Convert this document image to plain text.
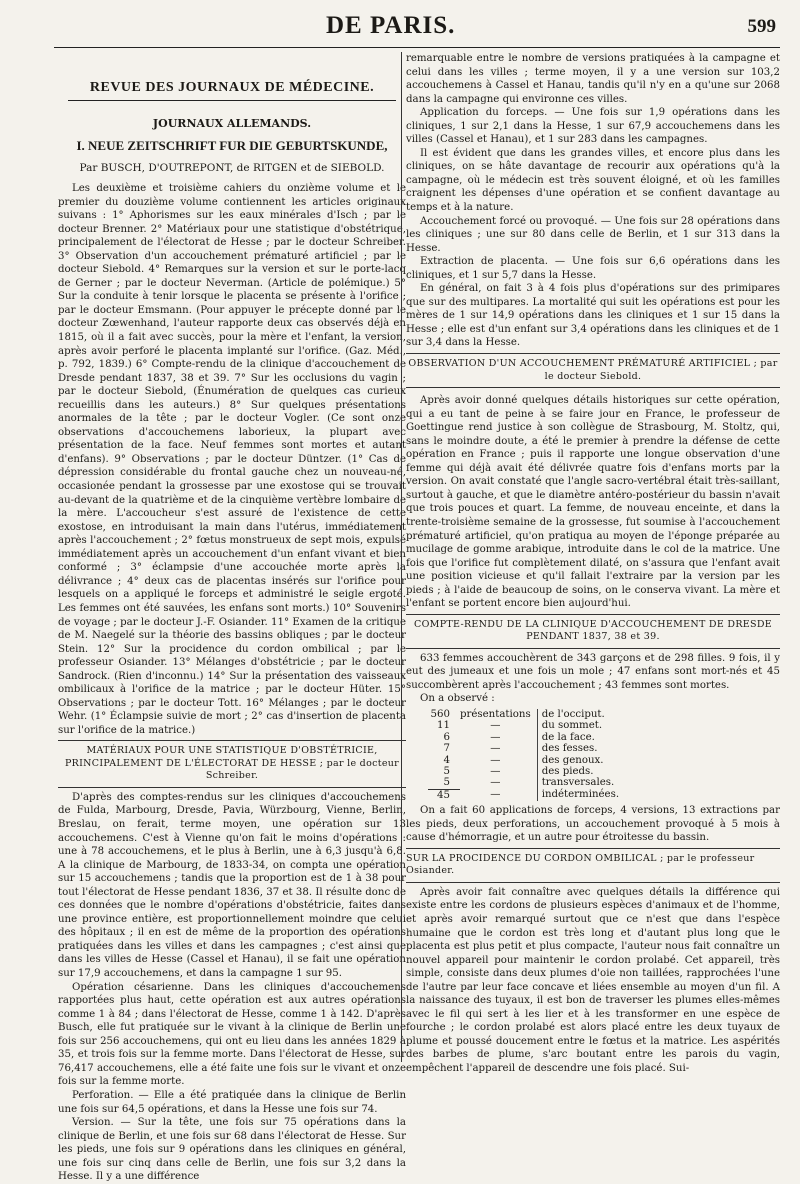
DE PARIS.	599
REVUE DES JOURNAUX DE MÉDECINE.
JOURNAUX ALLEMANDS.
I. NEUE ZEITSCHRIFT FUR DIE GEBURTSKUNDE,
Par BUSCH, D'OUTREPONT, de RITGEN et de SIEBOLD.

Les deuxième et troisième cahiers du onzième volume et le premier du douzième volume contiennent les articles originaux suivans : 1° Aphorismes sur les eaux minérales d'Isch ; par le docteur Brenner. 2° Matériaux pour une statistique d'obstétrique, principalement de l'électorat de Hesse ; par le docteur Schreiber. 3° Observation d'un accouchement prématuré artificiel ; par le docteur Siebold. 4° Remarques sur la version et sur le porte-lacq de Gerner ; par le docteur Neverman. (Article de polémique.) 5° Sur la conduite à tenir lorsque le placenta se présente à l'orifice ; par le docteur Emsmann. (Pour appuyer le précepte donné par le docteur Zœwenhand, l'auteur rapporte deux cas observés déjà en 1815, où il a fait avec succès, pour la mère et l'enfant, la version, après avoir perforé le placenta implanté sur l'orifice. (Gaz. Méd., p. 792, 1839.) 6° Compte-rendu de la clinique d'accouchement de Dresde pendant 1837, 38 et 39. 7° Sur les occlusions du vagin ; par le docteur Siebold, (Énumération de quelques cas curieux recueillis dans les auteurs.) 8° Sur quelques présentations anormales de la tête ; par le docteur Vogler. (Ce sont onze observations d'accouchemens laborieux, la plupart avec présentation de la face. Neuf femmes sont mortes et autant d'enfans). 9° Observations ; par le docteur Düntzer. (1° Cas de dépression considérable du frontal gauche chez un nouveau-né, occasionée pendant la grossesse par une exostose qui se trouvait au-devant de la quatrième et de la cinquième vertèbre lombaire de la mère. L'accoucheur s'est assuré de l'existence de cette exostose, en introduisant la main dans l'utérus, immédiatement après l'accouchement ; 2° fœtus monstrueux de sept mois, expulsé immédiatement après un accouchement d'un enfant vivant et bien conformé ; 3° éclampsie d'une accouchée morte après la délivrance ; 4° deux cas de placentas insérés sur l'orifice pour lesquels on a appliqué le forceps et administré le seigle ergoté. Les femmes ont été sauvées, les enfans sont morts.) 10° Souvenirs de voyage ; par le docteur J.-F. Osiander. 11° Examen de la critique de M. Naegelé sur la théorie des bassins obliques ; par le docteur Stein. 12° Sur la procidence du cordon ombilical ; par le professeur Osiander. 13° Mélanges d'obstétricie ; par le docteur Sandrock. (Rien d'inconnu.) 14° Sur la présentation des vaisseaux ombilicaux à l'orifice de la matrice ; par le docteur Hüter. 15° Observations ; par le docteur Tott. 16° Mélanges ; par le docteur Wehr. (1° Éclampsie suivie de mort ; 2° cas d'insertion de placenta sur l'orifice de la matrice.)

MATÉRIAUX POUR UNE STATISTIQUE D'OBSTÉTRICIE, PRINCIPALEMENT DE L'ÉLECTORAT DE HESSE ; par le docteur Schreiber.

D'après des comptes-rendus sur les cliniques d'accouchemens de Fulda, Marbourg, Dresde, Pavia, Würzbourg, Vienne, Berlin, Breslau, on ferait, terme moyen, une opération sur 13 accouchemens. C'est à Vienne qu'on fait le moins d'opérations : une à 78 accouchemens, et le plus à Berlin, une à 6,3 jusqu'à 6,8. A la clinique de Marbourg, de 1833-34, on compta une opération sur 15 accouchemens ; tandis que la proportion est de 1 à 38 pour tout l'électorat de Hesse pendant 1836, 37 et 38. Il résulte donc de ces données que le nombre d'opérations d'obstétricie, faites dans une province entière, est proportionnellement moindre que celui des hôpitaux ; il en est de même de la proportion des opérations pratiquées dans les villes et dans les campagnes ; c'est ainsi que dans les villes de Hesse (Cassel et Hanau), il se fait une opération sur 17,9 accouchemens, et dans la campagne 1 sur 95.

Opération césarienne. Dans les cliniques d'accouchemens rapportées plus haut, cette opération est aux autres opérations comme 1 à 84 ; dans l'électorat de Hesse, comme 1 à 142. D'après Busch, elle fut pratiquée sur le vivant à la clinique de Berlin une fois sur 256 accouchemens, qui ont eu lieu dans les années 1829 à 35, et trois fois sur la femme morte. Dans l'électorat de Hesse, sur 76,417 accouchemens, elle a été faite une fois sur le vivant et onze fois sur la femme morte.

Perforation. — Elle a été pratiquée dans la clinique de Berlin une fois sur 64,5 opérations, et dans la Hesse une fois sur 74.

Version. — Sur la tête, une fois sur 75 opérations dans la clinique de Berlin, et une fois sur 68 dans l'électorat de Hesse. Sur les pieds, une fois sur 9 opérations dans les cliniques en général, une fois sur cinq dans celle de Berlin, une fois sur 3,2 dans la Hesse. Il y a une différence

remarquable entre le nombre de versions pratiquées à la campagne et celui dans les villes ; terme moyen, il y a une version sur 103,2 accouchemens à Cassel et Hanau, tandis qu'il n'y en a qu'une sur 2068 dans la campagne qui environne ces villes.

Application du forceps. — Une fois sur 1,9 opérations dans les cliniques, 1 sur 2,1 dans la Hesse, 1 sur 67,9 accouchemens dans les villes (Cassel et Hanau), et 1 sur 283 dans les campagnes.

Il est évident que dans les grandes villes, et encore plus dans les cliniques, on se hâte davantage de recourir aux opérations qu'à la campagne, où le médecin est très souvent éloigné, et où les familles craignent les dépenses d'une opération et se confient davantage au temps et à la nature.

Accouchement forcé ou provoqué. — Une fois sur 28 opérations dans les cliniques ; une sur 80 dans celle de Berlin, et 1 sur 313 dans la Hesse.

Extraction de placenta. — Une fois sur 6,6 opérations dans les cliniques, et 1 sur 5,7 dans la Hesse.

En général, on fait 3 à 4 fois plus d'opérations sur des primipares que sur des multipares. La mortalité qui suit les opérations est pour les mères de 1 sur 14,9 opérations dans les cliniques et 1 sur 15 dans la Hesse ; elle est d'un enfant sur 3,4 opérations dans les cliniques et de 1 sur 3,4 dans la Hesse.

OBSERVATION D'UN ACCOUCHEMENT PRÉMATURÉ ARTIFICIEL ; par le docteur Siebold.

Après avoir donné quelques détails historiques sur cette opération, qui a eu tant de peine à se faire jour en France, le professeur de Goettingue rend justice à son collègue de Strasbourg, M. Stoltz, qui, sans le moindre doute, a été le premier à prendre la défense de cette opération en France ; puis il rapporte une longue observation d'une femme qui déjà avait été délivrée quatre fois d'enfans morts par la version. On avait constaté que l'angle sacro-vertébral était très-saillant, surtout à gauche, et que le diamètre antéro-postérieur du bassin n'avait que trois pouces et quart. La femme, de nouveau enceinte, et dans la trente-troisième semaine de la grossesse, fut soumise à l'accouchement prématuré artificiel, qu'on pratiqua au moyen de l'éponge préparée au mucilage de gomme arabique, introduite dans le col de la matrice. Une fois que l'orifice fut complètement dilaté, on s'assura que l'enfant avait une position vicieuse et qu'il fallait l'extraire par la version par les pieds ; à l'aide de beaucoup de soins, on le conserva vivant. La mère et l'enfant se portent encore bien aujourd'hui.

COMPTE-RENDU DE LA CLINIQUE D'ACCOUCHEMENT DE DRESDE PENDANT 1837, 38 et 39.

633 femmes accouchèrent de 343 garçons et de 298 filles. 9 fois, il y eut des jumeaux et une fois un mole ; 47 enfans sont mort-nés et 45 succombèrent après l'accouchement ; 43 femmes sont mortes.

On a observé :

560	présentations	de l'occiput.
11	—	du sommet.
6	—	de la face.
7	—	des fesses.
4	—	des genoux.
5	—	des pieds.
5	—	transversales.
45	—	indéterminées.

On a fait 60 applications de forceps, 4 versions, 13 extractions par les pieds, deux perforations, un accouchement provoqué à 5 mois à cause d'hémorragie, et un autre pour étroitesse du bassin.

SUR LA PROCIDENCE DU CORDON OMBILICAL ; par le professeur Osiander.

Après avoir fait connaître avec quelques détails la différence qui existe entre les cordons de plusieurs espèces d'animaux et de l'homme, et après avoir remarqué surtout que ce n'est que dans l'espèce humaine que le cordon est très long et d'autant plus long que le placenta est plus petit et plus compacte, l'auteur nous fait connaître un nouvel appareil pour maintenir le cordon prolabé. Cet appareil, très simple, consiste dans deux plumes d'oie non taillées, rapprochées l'une de l'autre par leur face concave et liées ensemble au moyen d'un fil. A la naissance des tuyaux, il est bon de traverser les plumes elles-mêmes avec le fil qui sert à les lier et à les transformer en une espèce de fourche ; le cordon prolabé est alors placé entre les deux tuyaux de plume et poussé doucement entre le fœtus et la matrice. Les aspérités des barbes de plume, s'arc boutant entre les parois du vagin, empêchent l'appareil de descendre une fois placé. Sui-
